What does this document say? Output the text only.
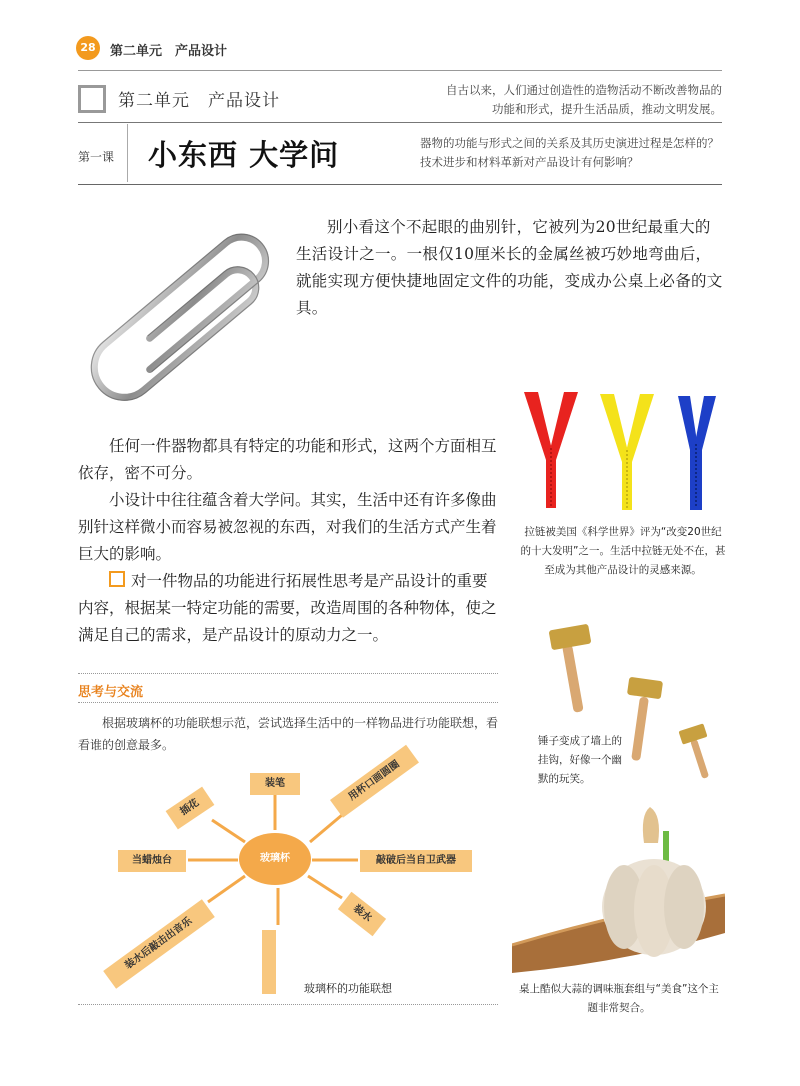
28	第二单元　产品设计
第二单元　产品设计
自古以来，人们通过创造性的造物活动不断改善物品的功能和形式，提升生活品质，推动文明发展。
第一课 小东西 大学问	器物的功能与形式之间的关系及其历史演进过程是怎样的？ 技术进步和材料革新对产品设计有何影响？
别小看这个不起眼的曲别针，它被列为20世纪最重大的生活设计之一。一根仅10厘米长的金属丝被巧妙地弯曲后，就能实现方便快捷地固定文件的功能，变成办公桌上必备的文具。

任何一件器物都具有特定的功能和形式，这两个方面相互依存，密不可分。

小设计中往往蕴含着大学问。其实，生活中还有许多像曲别针这样微小而容易被忽视的东西，对我们的生活方式产生着巨大的影响。

对一件物品的功能进行拓展性思考是产品设计的重要内容，根据某一特定功能的需要，改造周围的各种物体，使之满足自己的需求，是产品设计的原动力之一。

拉链被美国《科学世界》评为“改变20世纪的十大发明”之一。生活中拉链无处不在，甚至成为其他产品设计的灵感来源。
锤子变成了墙上的挂钩，好像一个幽默的玩笑。
桌上酷似大蒜的调味瓶套组与“美食”这个主题非常契合。
思考与交流
根据玻璃杯的功能联想示范，尝试选择生活中的一样物品进行功能联想，看看谁的创意最多。
玻璃杯
装笔	用杯口画圆圈
敲破后当自卫武器
装水
装水后敲击出音乐
当蜡烛台
插花
玻璃杯的功能联想
